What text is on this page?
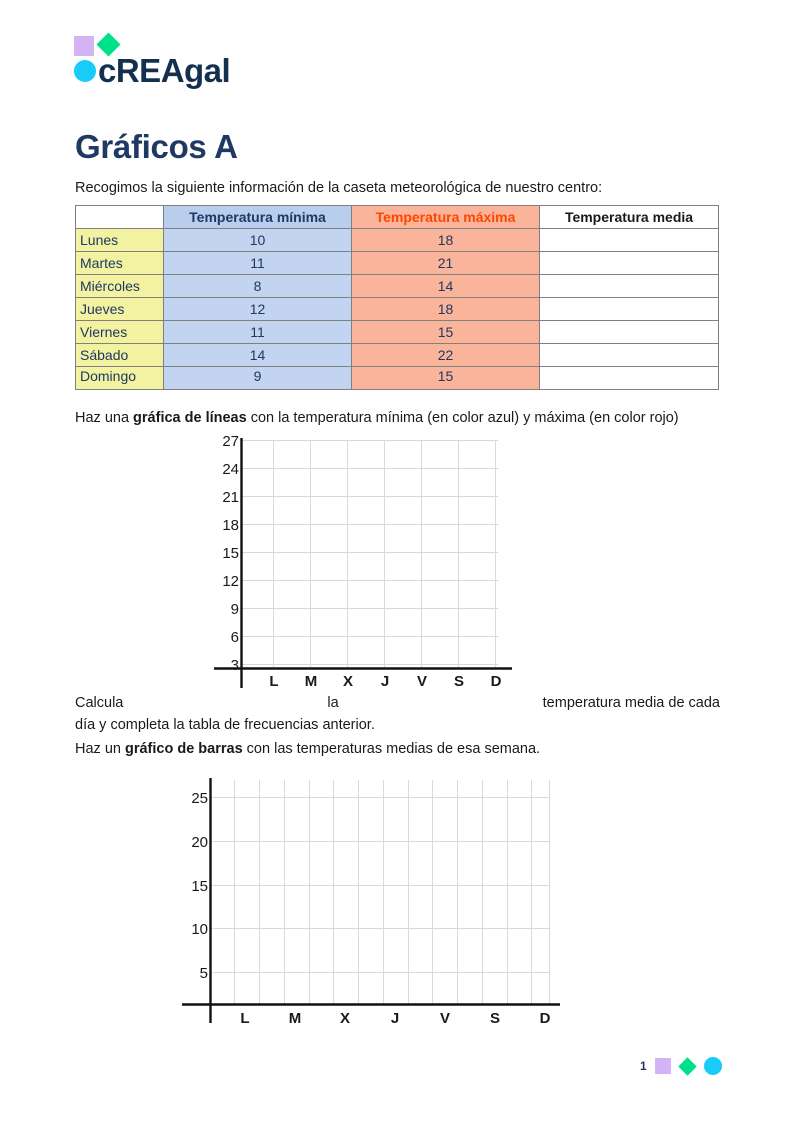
cREAgal
Gráficos A
Recogimos la siguiente información de la caseta meteorológica de nuestro centro:
	Temperatura mínima	Temperatura máxima	Temperatura media
Lunes	10	18	
Martes	11	21	
Miércoles	8	14	
Jueves	12	18	
Viernes	11	15	
Sábado	14	22	
Domingo	9	15	
Haz una gráfica de líneas con la temperatura mínima (en color azul) y máxima (en color rojo)
27
24
21
18
15
12
9
6
3
L M X J V S D
Calcula	la	temperatura media de cada
día y completa la tabla de frecuencias anterior.
Haz un gráfico de barras con las temperaturas medias de esa semana.
25
20
15
10
5
L	M	X	J	V	S	D
1
